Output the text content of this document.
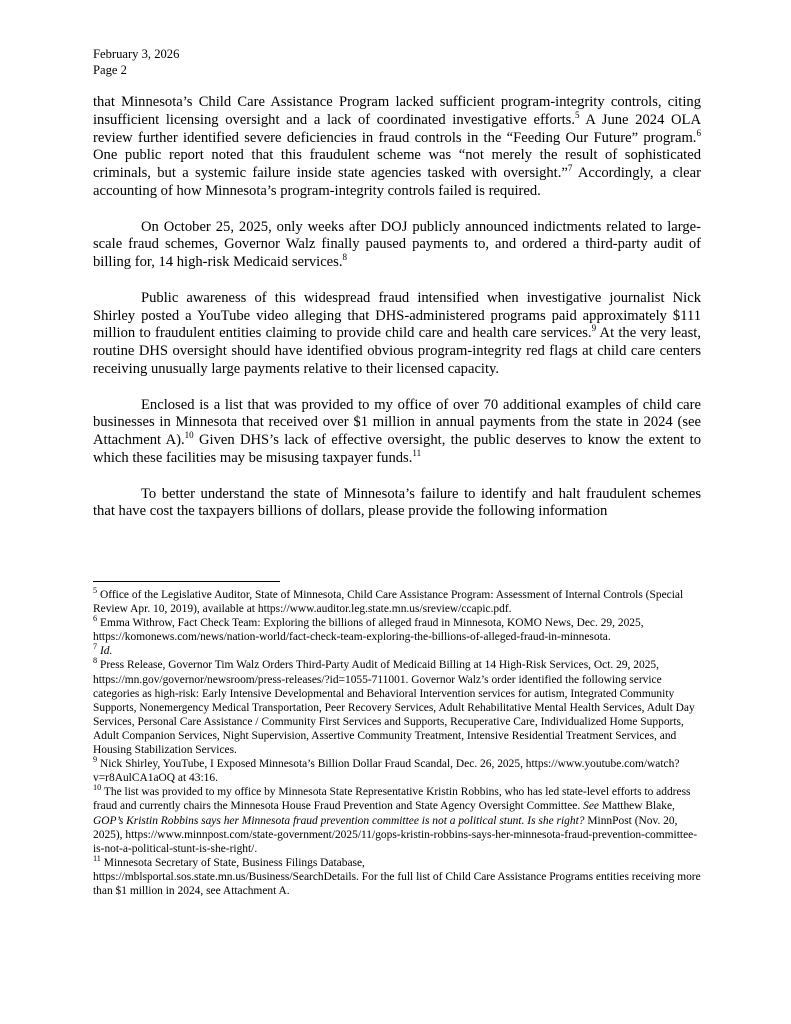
February 3, 2026
Page 2

that Minnesota’s Child Care Assistance Program lacked sufficient program-integrity controls, citing insufficient licensing oversight and a lack of coordinated investigative efforts.$^5$ A June 2024 OLA review further identified severe deficiencies in fraud controls in the “Feeding Our Future” program.$^6$ One public report noted that this fraudulent scheme was “not merely the result of sophisticated criminals, but a systemic failure inside state agencies tasked with oversight.”$^7$ Accordingly, a clear accounting of how Minnesota’s program-integrity controls failed is required.

On October 25, 2025, only weeks after DOJ publicly announced indictments related to large-scale fraud schemes, Governor Walz finally paused payments to, and ordered a third-party audit of billing for, 14 high-risk Medicaid services.$^8$

Public awareness of this widespread fraud intensified when investigative journalist Nick Shirley posted a YouTube video alleging that DHS-administered programs paid approximately $111 million to fraudulent entities claiming to provide child care and health care services.$^9$ At the very least, routine DHS oversight should have identified obvious program-integrity red flags at child care centers receiving unusually large payments relative to their licensed capacity.

Enclosed is a list that was provided to my office of over 70 additional examples of child care businesses in Minnesota that received over $1 million in annual payments from the state in 2024 (see Attachment A).$^{10}$ Given DHS’s lack of effective oversight, the public deserves to know the extent to which these facilities may be misusing taxpayer funds.$^{11}$

To better understand the state of Minnesota’s failure to identify and halt fraudulent schemes that have cost the taxpayers billions of dollars, please provide the following information

$^5$ Office of the Legislative Auditor, State of Minnesota, Child Care Assistance Program: Assessment of Internal Controls (Special Review Apr. 10, 2019), available at https://www.auditor.leg.state.mn.us/sreview/ccapic.pdf.

$^6$ Emma Withrow, Fact Check Team: Exploring the billions of alleged fraud in Minnesota, KOMO News, Dec. 29, 2025, https://komonews.com/news/nation-world/fact-check-team-exploring-the-billions-of-alleged-fraud-in-minnesota.

$^7$ Id.

$^8$ Press Release, Governor Tim Walz Orders Third-Party Audit of Medicaid Billing at 14 High-Risk Services, Oct. 29, 2025, https://mn.gov/governor/newsroom/press-releases/?id=1055-711001. Governor Walz’s order identified the following service categories as high-risk: Early Intensive Developmental and Behavioral Intervention services for autism, Integrated Community Supports, Nonemergency Medical Transportation, Peer Recovery Services, Adult Rehabilitative Mental Health Services, Adult Day Services, Personal Care Assistance / Community First Services and Supports, Recuperative Care, Individualized Home Supports, Adult Companion Services, Night Supervision, Assertive Community Treatment, Intensive Residential Treatment Services, and Housing Stabilization Services.

$^9$ Nick Shirley, YouTube, I Exposed Minnesota’s Billion Dollar Fraud Scandal, Dec. 26, 2025, https://www.youtube.com/watch?v=r8AulCA1aOQ at 43:16.

$^{10}$ The list was provided to my office by Minnesota State Representative Kristin Robbins, who has led state-level efforts to address fraud and currently chairs the Minnesota House Fraud Prevention and State Agency Oversight Committee. See Matthew Blake, GOP’s Kristin Robbins says her Minnesota fraud prevention committee is not a political stunt. Is she right? MinnPost (Nov. 20, 2025), https://www.minnpost.com/state-government/2025/11/gops-kristin-robbins-says-her-minnesota-fraud-prevention-committee-is-not-a-political-stunt-is-she-right/.

$^{11}$ Minnesota Secretary of State, Business Filings Database,
https://mblsportal.sos.state.mn.us/Business/SearchDetails. For the full list of Child Care Assistance Programs entities receiving more than $1 million in 2024, see Attachment A.
